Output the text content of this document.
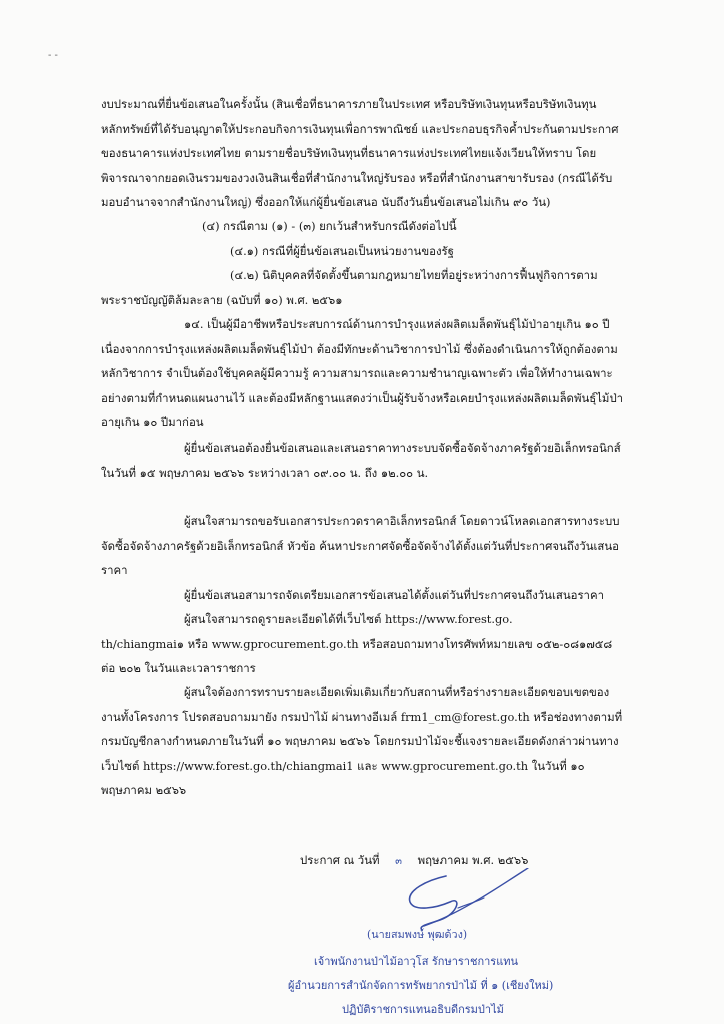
- -

งบประมาณที่ยื่นข้อเสนอในครั้งนั้น (สินเชื่อที่ธนาคารภายในประเทศ หรือบริษัทเงินทุนหรือบริษัทเงินทุน

หลักทรัพย์ที่ได้รับอนุญาตให้ประกอบกิจการเงินทุนเพื่อการพาณิชย์ และประกอบธุรกิจค้ำประกันตามประกาศ

ของธนาคารแห่งประเทศไทย ตามรายชื่อบริษัทเงินทุนที่ธนาคารแห่งประเทศไทยแจ้งเวียนให้ทราบ โดย

พิจารณาจากยอดเงินรวมของวงเงินสินเชื่อที่สำนักงานใหญ่รับรอง หรือที่สำนักงานสาขารับรอง (กรณีได้รับ

มอบอำนาจจากสำนักงานใหญ่) ซึ่งออกให้แก่ผู้ยื่นข้อเสนอ นับถึงวันยื่นข้อเสนอไม่เกิน ๙๐ วัน)

(๔) กรณีตาม (๑) - (๓) ยกเว้นสำหรับกรณีดังต่อไปนี้

(๔.๑) กรณีที่ผู้ยื่นข้อเสนอเป็นหน่วยงานของรัฐ

(๔.๒) นิติบุคคลที่จัดตั้งขึ้นตามกฎหมายไทยที่อยู่ระหว่างการฟื้นฟูกิจการตาม

พระราชบัญญัติล้มละลาย (ฉบับที่ ๑๐) พ.ศ. ๒๕๖๑

๑๔. เป็นผู้มีอาชีพหรือประสบการณ์ด้านการบำรุงแหล่งผลิตเมล็ดพันธุ์ไม้ป่าอายุเกิน ๑๐ ปี

เนื่องจากการบำรุงแหล่งผลิตเมล็ดพันธุ์ไม้ป่า ต้องมีทักษะด้านวิชาการป่าไม้ ซึ่งต้องดำเนินการให้ถูกต้องตาม

หลักวิชาการ จำเป็นต้องใช้บุคคลผู้มีความรู้ ความสามารถและความชำนาญเฉพาะตัว เพื่อให้ทำงานเฉพาะ

อย่างตามที่กำหนดแผนงานไว้ และต้องมีหลักฐานแสดงว่าเป็นผู้รับจ้างหรือเคยบำรุงแหล่งผลิตเมล็ดพันธุ์ไม้ป่า

อายุเกิน ๑๐ ปีมาก่อน

ผู้ยื่นข้อเสนอต้องยื่นข้อเสนอและเสนอราคาทางระบบจัดซื้อจัดจ้างภาครัฐด้วยอิเล็กทรอนิกส์

ในวันที่ ๑๕ พฤษภาคม ๒๕๖๖ ระหว่างเวลา ๐๙.๐๐ น. ถึง ๑๒.๐๐ น.

ผู้สนใจสามารถขอรับเอกสารประกวดราคาอิเล็กทรอนิกส์ โดยดาวน์โหลดเอกสารทางระบบ

จัดซื้อจัดจ้างภาครัฐด้วยอิเล็กทรอนิกส์ หัวข้อ ค้นหาประกาศจัดซื้อจัดจ้างได้ตั้งแต่วันที่ประกาศจนถึงวันเสนอ

ราคา

ผู้ยื่นข้อเสนอสามารถจัดเตรียมเอกสารข้อเสนอได้ตั้งแต่วันที่ประกาศจนถึงวันเสนอราคา

ผู้สนใจสามารถดูรายละเอียดได้ที่เว็บไซต์ https://www.forest.go.

th/chiangmai๑ หรือ www.gprocurement.go.th หรือสอบถามทางโทรศัพท์หมายเลข ๐๕๒-๐๘๑๗๕๘

ต่อ ๒๐๒ ในวันและเวลาราชการ

ผู้สนใจต้องการทราบรายละเอียดเพิ่มเติมเกี่ยวกับสถานที่หรือร่างรายละเอียดขอบเขตของ

งานทั้งโครงการ โปรดสอบถามมายัง กรมป่าไม้ ผ่านทางอีเมล์ frm1_cm@forest.go.th หรือช่องทางตามที่

กรมบัญชีกลางกำหนดภายในวันที่ ๑๐ พฤษภาคม ๒๕๖๖ โดยกรมป่าไม้จะชี้แจงรายละเอียดดังกล่าวผ่านทาง

เว็บไซต์ https://www.forest.go.th/chiangmai1 และ www.gprocurement.go.th ในวันที่ ๑๐

พฤษภาคม ๒๕๖๖

ประกาศ ณ วันที่ ๓ พฤษภาคม พ.ศ. ๒๕๖๖
(นายสมพงษ์ พุฒด้วง)
เจ้าพนักงานป่าไม้อาวุโส รักษาราชการแทน
ผู้อำนวยการสำนักจัดการทรัพยากรป่าไม้ ที่ ๑ (เชียงใหม่)
ปฏิบัติราชการแทนอธิบดีกรมป่าไม้
